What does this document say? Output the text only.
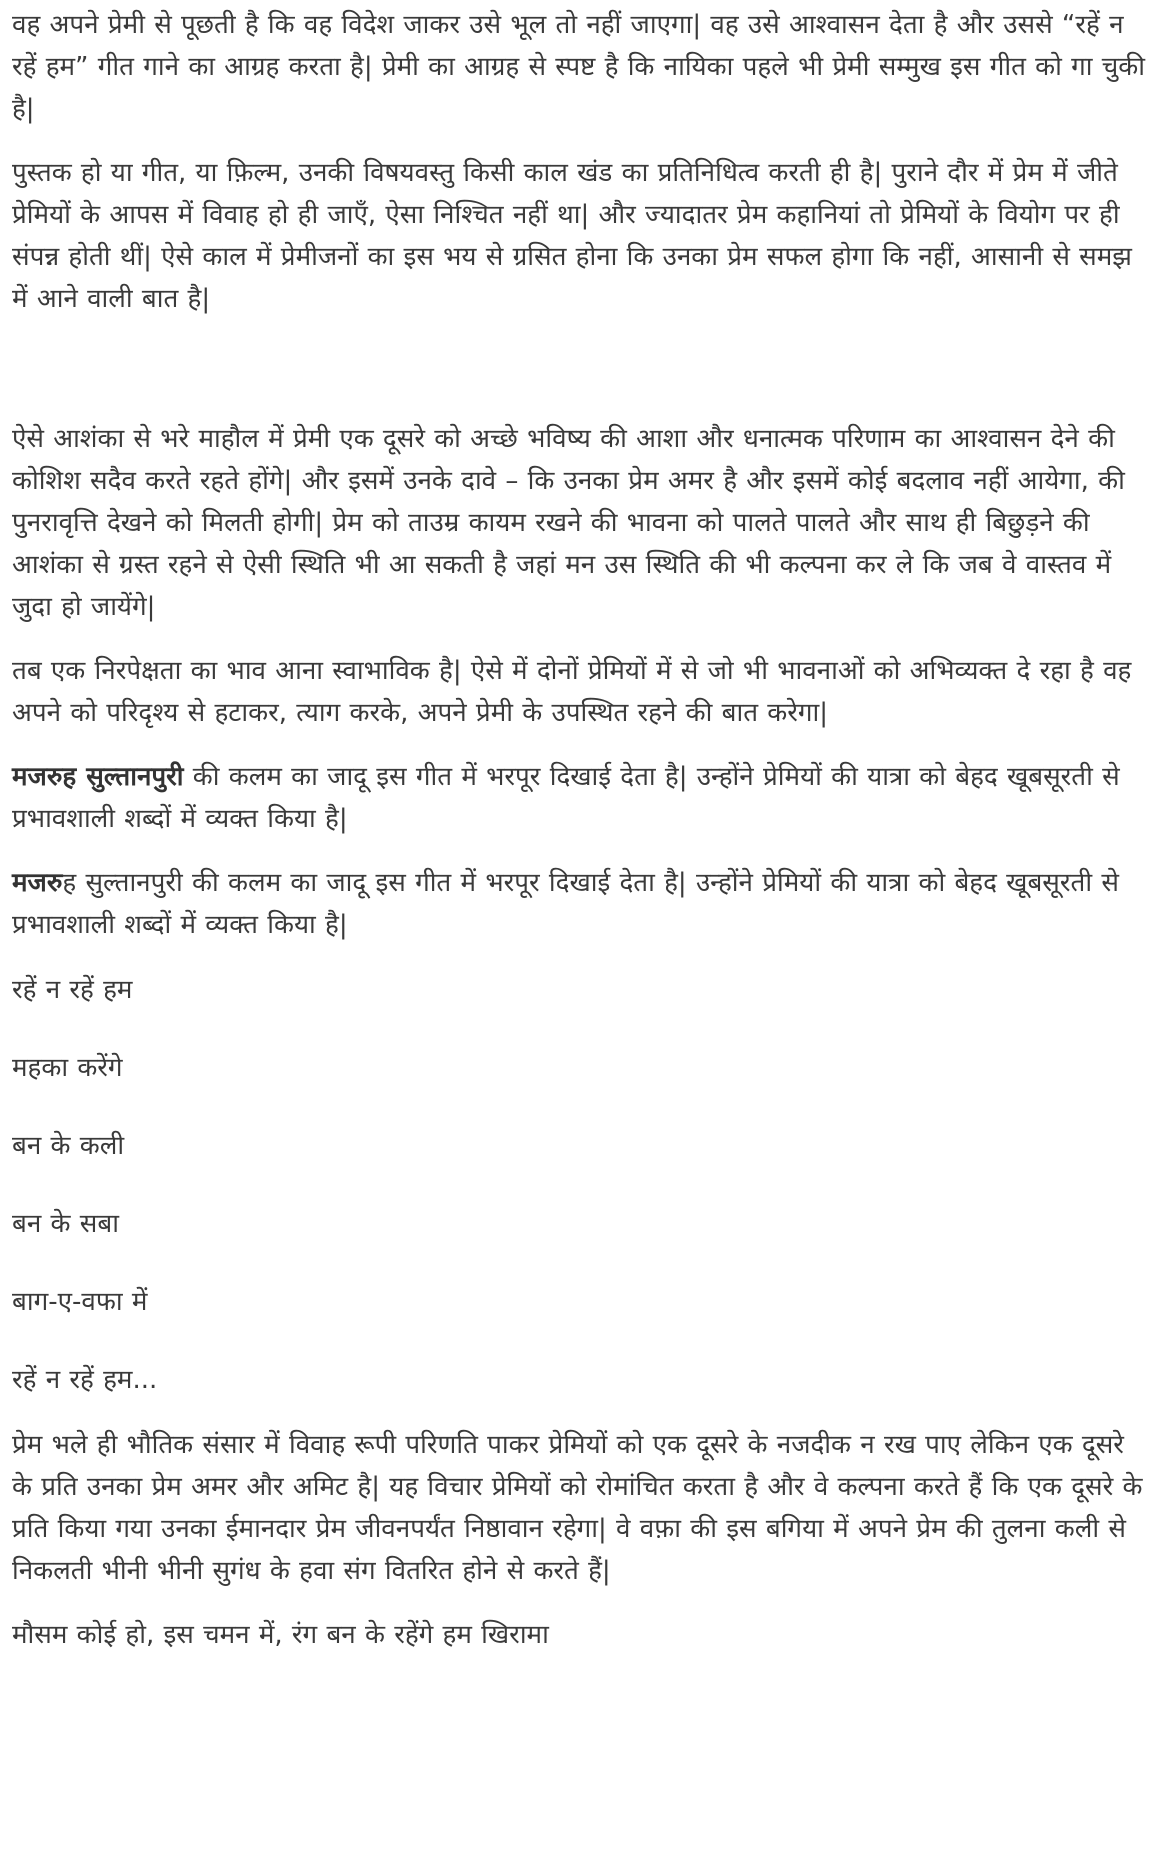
वह अपने प्रेमी से पूछती है कि वह विदेश जाकर उसे भूल तो नहीं जाएगा| वह उसे आश्वासन देता है और उससे “रहें न रहें हम” गीत गाने का आग्रह करता है| प्रेमी का आग्रह से स्पष्ट है कि नायिका पहले भी प्रेमी सम्मुख इस गीत को गा चुकी है|

पुस्तक हो या गीत, या फ़िल्म, उनकी विषयवस्तु किसी काल खंड का प्रतिनिधित्व करती ही है| पुराने दौर में प्रेम में जीते प्रेमियों के आपस में विवाह हो ही जाएँ, ऐसा निश्चित नहीं था| और ज्यादातर प्रेम कहानियां तो प्रेमियों के वियोग पर ही संपन्न होती थीं| ऐसे काल में प्रेमीजनों का इस भय से ग्रसित होना कि उनका प्रेम सफल होगा कि नहीं, आसानी से समझ में आने वाली बात है|

ऐसे आशंका से भरे माहौल में प्रेमी एक दूसरे को अच्छे भविष्य की आशा और धनात्मक परिणाम का आश्वासन देने की कोशिश सदैव करते रहते होंगे| और इसमें उनके दावे – कि उनका प्रेम अमर है और इसमें कोई बदलाव नहीं आयेगा, की पुनरावृत्ति देखने को मिलती होगी| प्रेम को ताउम्र कायम रखने की भावना को पालते पालते और साथ ही बिछुड़ने की आशंका से ग्रस्त रहने से ऐसी स्थिति भी आ सकती है जहां मन उस स्थिति की भी कल्पना कर ले कि जब वे वास्तव में जुदा हो जायेंगे|

तब एक निरपेक्षता का भाव आना स्वाभाविक है| ऐसे में दोनों प्रेमियों में से जो भी भावनाओं को अभिव्यक्त दे रहा है वह अपने को परिदृश्य से हटाकर, त्याग करके, अपने प्रेमी के उपस्थित रहने की बात करेगा|

मजरुह सुल्तानपुरी की कलम का जादू इस गीत में भरपूर दिखाई देता है| उन्होंने प्रेमियों की यात्रा को बेहद खूबसूरती से प्रभावशाली शब्दों में व्यक्त किया है|

मजरुह सुल्तानपुरी की कलम का जादू इस गीत में भरपूर दिखाई देता है| उन्होंने प्रेमियों की यात्रा को बेहद खूबसूरती से प्रभावशाली शब्दों में व्यक्त किया है|

रहें न रहें हम

महका करेंगे

बन के कली

बन के सबा

बाग-ए-वफा में

रहें न रहें हम...

प्रेम भले ही भौतिक संसार में विवाह रूपी परिणति पाकर प्रेमियों को एक दूसरे के नजदीक न रख पाए लेकिन एक दूसरे के प्रति उनका प्रेम अमर और अमिट है| यह विचार प्रेमियों को रोमांचित करता है और वे कल्पना करते हैं कि एक दूसरे के प्रति किया गया उनका ईमानदार प्रेम जीवनपर्यंत निष्ठावान रहेगा| वे वफ़ा की इस बगिया में अपने प्रेम की तुलना कली से निकलती भीनी भीनी सुगंध के हवा संग वितरित होने से करते हैं|

मौसम कोई हो, इस चमन में, रंग बन के रहेंगे हम खिरामा
